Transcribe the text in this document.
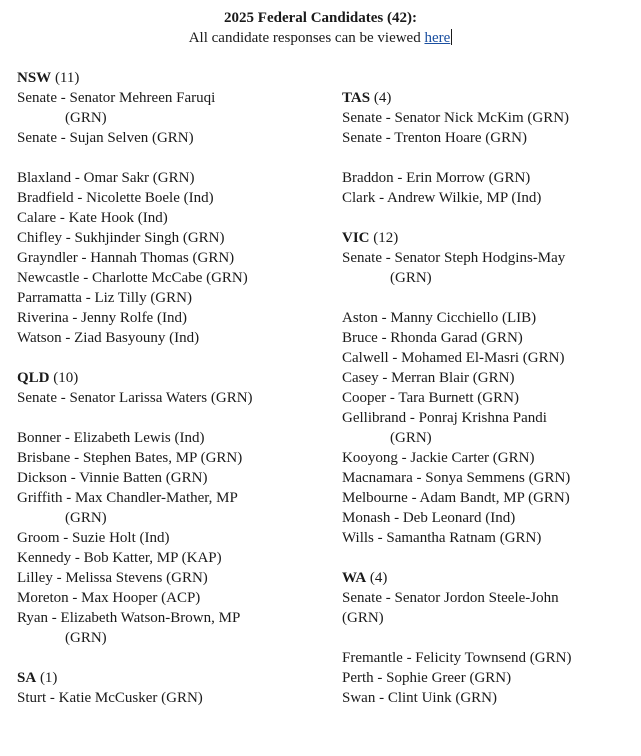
2025 Federal Candidates (42):
All candidate responses can be viewed here
NSW (11)
Senate - Senator Mehreen Faruqi
(GRN)
Senate - Sujan Selven (GRN)
Blaxland - Omar Sakr (GRN)
Bradfield - Nicolette Boele (Ind)
Calare - Kate Hook (Ind)
Chifley - Sukhjinder Singh (GRN)
Grayndler - Hannah Thomas (GRN)
Newcastle - Charlotte McCabe (GRN)
Parramatta - Liz Tilly (GRN)
Riverina - Jenny Rolfe (Ind)
Watson - Ziad Basyouny (Ind)
QLD (10)
Senate - Senator Larissa Waters (GRN)
Bonner - Elizabeth Lewis (Ind)
Brisbane - Stephen Bates, MP (GRN)
Dickson - Vinnie Batten (GRN)
Griffith - Max Chandler-Mather, MP
(GRN)
Groom - Suzie Holt (Ind)
Kennedy - Bob Katter, MP (KAP)
Lilley - Melissa Stevens (GRN)
Moreton - Max Hooper (ACP)
Ryan - Elizabeth Watson-Brown, MP
(GRN)
SA (1)
Sturt - Katie McCusker (GRN)
TAS (4)
Senate - Senator Nick McKim (GRN)
Senate - Trenton Hoare (GRN)
Braddon - Erin Morrow (GRN)
Clark - Andrew Wilkie, MP (Ind)
VIC (12)
Senate - Senator Steph Hodgins-May
(GRN)
Aston - Manny Cicchiello (LIB)
Bruce - Rhonda Garad (GRN)
Calwell - Mohamed El-Masri (GRN)
Casey - Merran Blair (GRN)
Cooper - Tara Burnett (GRN)
Gellibrand - Ponraj Krishna Pandi
(GRN)
Kooyong - Jackie Carter (GRN)
Macnamara - Sonya Semmens (GRN)
Melbourne - Adam Bandt, MP (GRN)
Monash - Deb Leonard (Ind)
Wills - Samantha Ratnam (GRN)
WA (4)
Senate - Senator Jordon Steele-John
(GRN)
Fremantle - Felicity Townsend (GRN)
Perth - Sophie Greer (GRN)
Swan - Clint Uink (GRN)
